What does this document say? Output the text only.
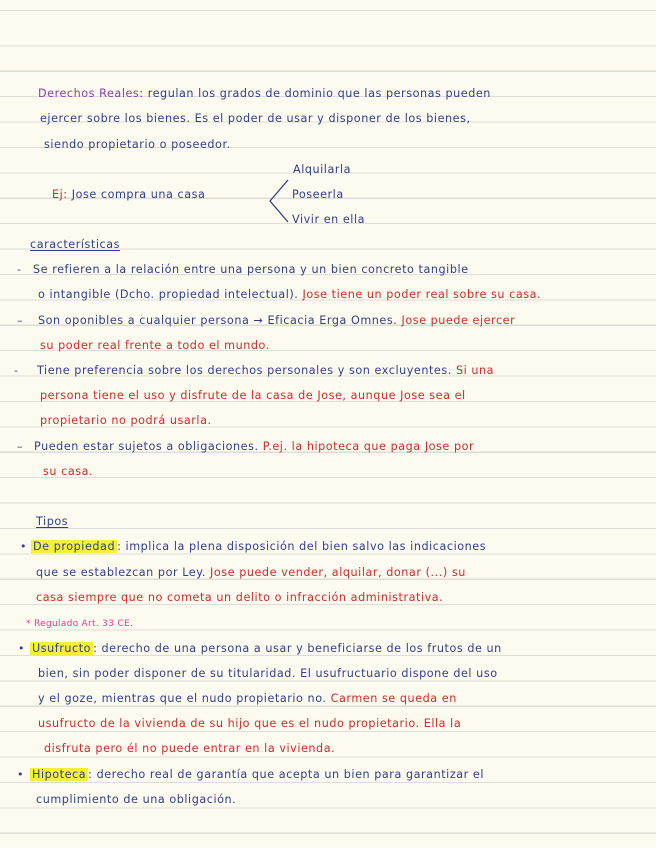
Derechos Reales: regulan los grados de dominio que las personas pueden
ejercer sobre los bienes. Es el poder de usar y disponer de los bienes,
siendo propietario o poseedor.
Ej: Jose compra una casa
Alquilarla
Poseerla
Vivir en ella
características
- Se refieren a la relación entre una persona y un bien concreto tangible
o intangible (Dcho. propiedad intelectual). Jose tiene un poder real sobre su casa.
– Son oponibles a cualquier persona → Eficacia Erga Omnes. Jose puede ejercer
su poder real frente a todo el mundo.
- Tiene preferencia sobre los derechos personales y son excluyentes. Si una
persona tiene el uso y disfrute de la casa de Jose, aunque Jose sea el
propietario no podrá usarla.
– Pueden estar sujetos a obligaciones. P.ej. la hipoteca que paga Jose por
su casa.
Tipos
• De propiedad : implica la plena disposición del bien salvo las indicaciones
que se establezcan por Ley. Jose puede vender, alquilar, donar (...) su
casa siempre que no cometa un delito o infracción administrativa.
* Regulado Art. 33 CE.
• Usufructo : derecho de una persona a usar y beneficiarse de los frutos de un
bien, sin poder disponer de su titularidad. El usufructuario dispone del uso
y el goze, mientras que el nudo propietario no. Carmen se queda en
usufructo de la vivienda de su hijo que es el nudo propietario. Ella la
disfruta pero él no puede entrar en la vivienda.
• Hipoteca : derecho real de garantía que acepta un bien para garantizar el
cumplimiento de una obligación.
